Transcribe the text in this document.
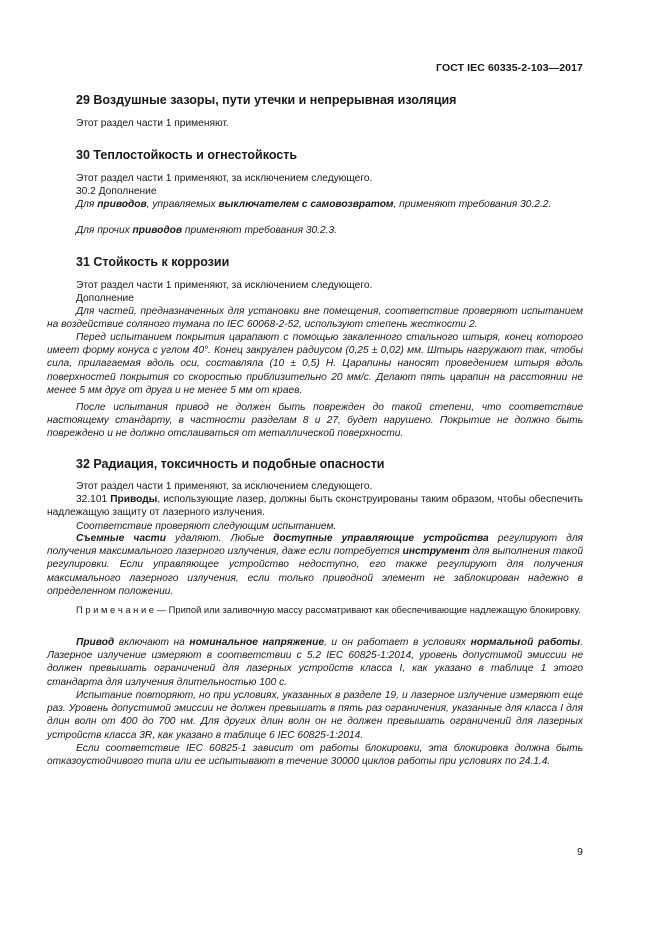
ГОСТ IEC 60335-2-103—2017
29 Воздушные зазоры, пути утечки и непрерывная изоляция

Этот раздел части 1 применяют.

30 Теплостойкость и огнестойкость

Этот раздел части 1 применяют, за исключением следующего.

30.2 Дополнение

Для приводов, управляемых выключателем с самовозвратом, применяют требования 30.2.2.

Для прочих приводов применяют требования 30.2.3.

31 Стойкость к коррозии

Этот раздел части 1 применяют, за исключением следующего.

Дополнение

Для частей, предназначенных для установки вне помещения, соответствие проверяют испытанием на воздействие соляного тумана по IEC 60068-2-52, используют степень жесткости 2.

Перед испытанием покрытия царапают с помощью закаленного стального штыря, конец которого имеет форму конуса с углом 40°. Конец закруглен радиусом (0,25 ± 0,02) мм. Штырь нагружают так, чтобы сила, прилагаемая вдоль оси, составляла (10 ± 0,5) Н. Царапины наносят проведением штыря вдоль поверхностей покрытия со скоростью приблизительно 20 мм/с. Делают пять царапин на расстоянии не менее 5 мм друг от друга и не менее 5 мм от краев.

После испытания привод не должен быть поврежден до такой степени, что соответствие настоящему стандарту, в частности разделам 8 и 27, будет нарушено. Покрытие не должно быть повреждено и не должно отслаиваться от металлической поверхности.

32 Радиация, токсичность и подобные опасности

Этот раздел части 1 применяют, за исключением следующего.

32.101 Приводы, использующие лазер, должны быть сконструированы таким образом, чтобы обеспечить надлежащую защиту от лазерного излучения.

Соответствие проверяют следующим испытанием.

Съемные части удаляют. Любые доступные управляющие устройства регулируют для получения максимального лазерного излучения, даже если потребуется инструмент для выполнения такой регулировки. Если управляющее устройство недоступно, его также регулируют для получения максимального лазерного излучения, если только приводной элемент не заблокирован надежно в определенном положении.

П р и м е ч а н и е — Припой или заливочную массу рассматривают как обеспечивающие надлежащую блокировку.

Привод включают на номинальное напряжение, и он работает в условиях нормальной работы. Лазерное излучение измеряют в соответствии с 5.2 IEC 60825-1:2014, уровень допустимой эмиссии не должен превышать ограничений для лазерных устройств класса I, как указано в таблице 1 этого стандарта для излучения длительностью 100 с.

Испытание повторяют, но при условиях, указанных в разделе 19, и лазерное излучение измеряют еще раз. Уровень допустимой эмиссии не должен превышать в пять раз ограничения, указанные для класса I для длин волн от 400 до 700 нм. Для других длин волн он не должен превышать ограничений для лазерных устройств класса 3R, как указано в таблице 6 IEC 60825-1:2014.

Если соответствие IEC 60825-1 зависит от работы блокировки, эта блокировка должна быть отказоустойчивого типа или ее испытывают в течение 30000 циклов работы при условиях по 24.1.4.

9
